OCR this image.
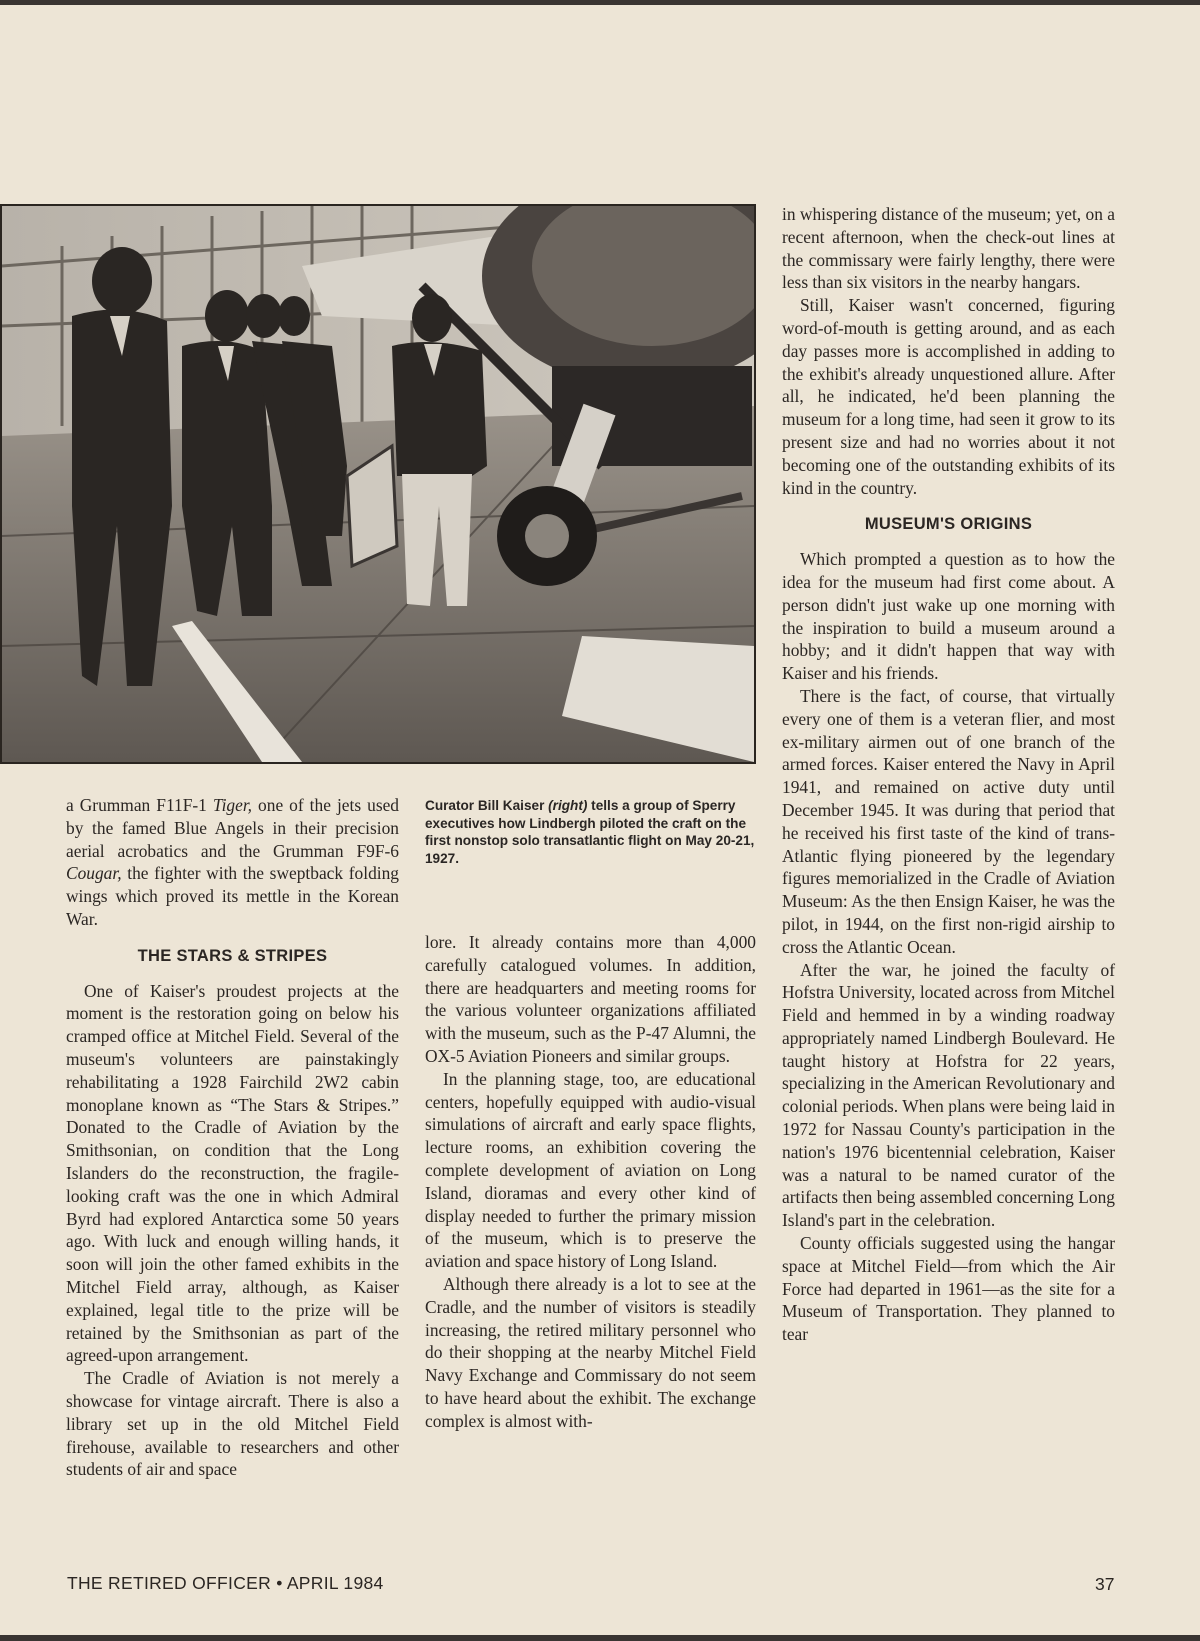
Curator Bill Kaiser (right) tells a group of Sperry executives how Lindbergh piloted the craft on the first nonstop solo transatlantic flight on May 20-21, 1927.

a Grumman F11F-1 Tiger, one of the jets used by the famed Blue Angels in their precision aerial acrobatics and the Grumman F9F-6 Cougar, the fighter with the sweptback folding wings which proved its mettle in the Korean War.

THE STARS & STRIPES

One of Kaiser's proudest projects at the moment is the restoration going on below his cramped office at Mitchel Field. Several of the museum's volunteers are painstakingly rehabilitating a 1928 Fairchild 2W2 cabin monoplane known as “The Stars & Stripes.” Donated to the Cradle of Aviation by the Smithsonian, on condition that the Long Islanders do the reconstruction, the fragile-looking craft was the one in which Admiral Byrd had explored Antarctica some 50 years ago. With luck and enough willing hands, it soon will join the other famed exhibits in the Mitchel Field array, although, as Kaiser explained, legal title to the prize will be retained by the Smithsonian as part of the agreed-upon arrangement.

The Cradle of Aviation is not merely a showcase for vintage aircraft. There is also a library set up in the old Mitchel Field firehouse, available to researchers and other students of air and space

lore. It already contains more than 4,000 carefully catalogued volumes. In addition, there are headquarters and meeting rooms for the various volunteer organizations affiliated with the museum, such as the P-47 Alumni, the OX-5 Aviation Pioneers and similar groups.

In the planning stage, too, are educational centers, hopefully equipped with audio-visual simulations of aircraft and early space flights, lecture rooms, an exhibition covering the complete development of aviation on Long Island, dioramas and every other kind of display needed to further the primary mission of the museum, which is to preserve the aviation and space history of Long Island.

Although there already is a lot to see at the Cradle, and the number of visitors is steadily increasing, the retired military personnel who do their shopping at the nearby Mitchel Field Navy Exchange and Commissary do not seem to have heard about the exhibit. The exchange complex is almost with-

in whispering distance of the museum; yet, on a recent afternoon, when the check-out lines at the commissary were fairly lengthy, there were less than six visitors in the nearby hangars.

Still, Kaiser wasn't concerned, figuring word-of-mouth is getting around, and as each day passes more is accomplished in adding to the exhibit's already unquestioned allure. After all, he indicated, he'd been planning the museum for a long time, had seen it grow to its present size and had no worries about it not becoming one of the outstanding exhibits of its kind in the country.

MUSEUM'S ORIGINS

Which prompted a question as to how the idea for the museum had first come about. A person didn't just wake up one morning with the inspiration to build a museum around a hobby; and it didn't happen that way with Kaiser and his friends.

There is the fact, of course, that virtually every one of them is a veteran flier, and most ex-military airmen out of one branch of the armed forces. Kaiser entered the Navy in April 1941, and remained on active duty until December 1945. It was during that period that he received his first taste of the kind of trans-Atlantic flying pioneered by the legendary figures memorialized in the Cradle of Aviation Museum: As the then Ensign Kaiser, he was the pilot, in 1944, on the first non-rigid airship to cross the Atlantic Ocean.

After the war, he joined the faculty of Hofstra University, located across from Mitchel Field and hemmed in by a winding roadway appropriately named Lindbergh Boulevard. He taught history at Hofstra for 22 years, specializing in the American Revolutionary and colonial periods. When plans were being laid in 1972 for Nassau County's participation in the nation's 1976 bicentennial celebration, Kaiser was a natural to be named curator of the artifacts then being assembled concerning Long Island's part in the celebration.

County officials suggested using the hangar space at Mitchel Field—from which the Air Force had departed in 1961—as the site for a Museum of Transportation. They planned to tear

THE RETIRED OFFICER • APRIL 1984	37
